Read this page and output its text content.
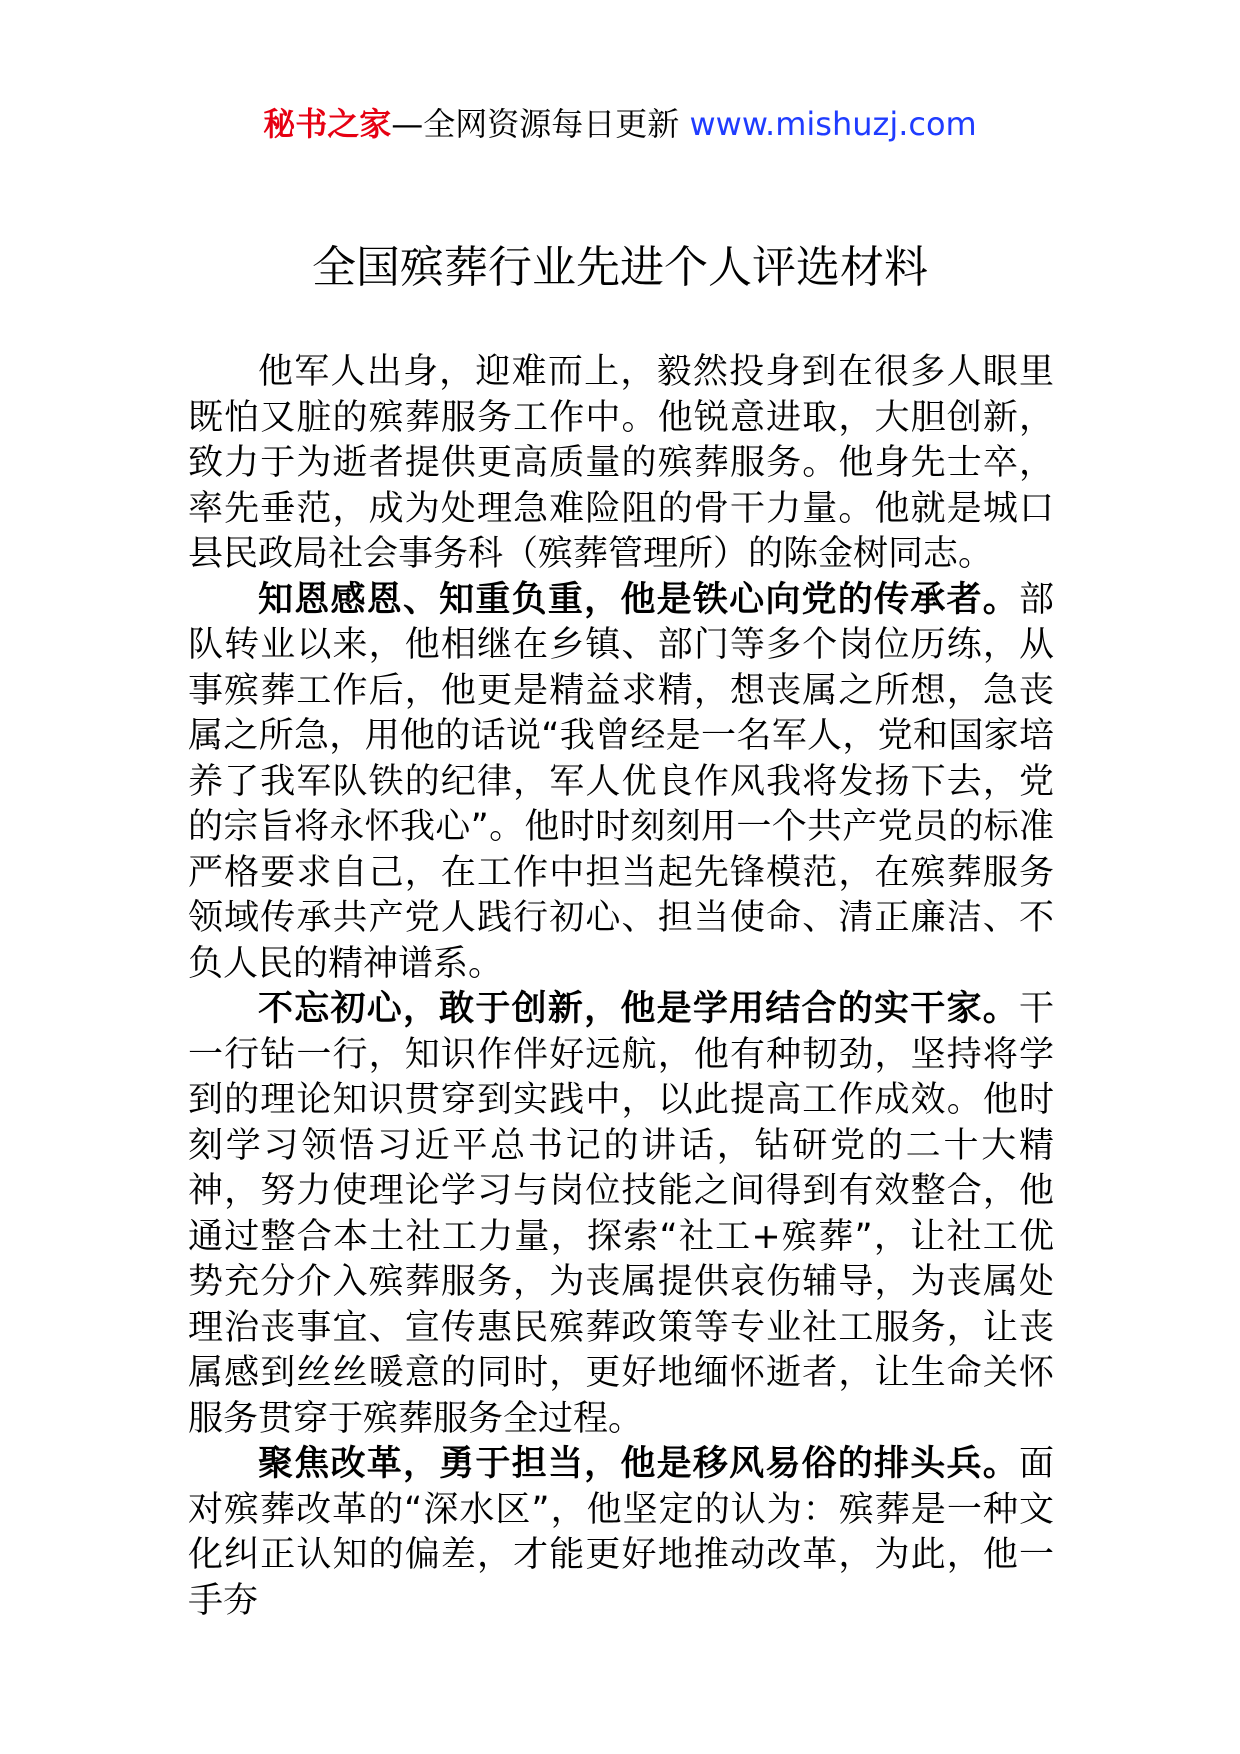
秘书之家—全网资源每日更新 www.mishuzj.com
全国殡葬行业先进个人评选材料

他军人出身，迎难而上，毅然投身到在很多人眼里既怕又脏的殡葬服务工作中。他锐意进取，大胆创新，致力于为逝者提供更高质量的殡葬服务。他身先士卒，率先垂范，成为处理急难险阻的骨干力量。他就是城口县民政局社会事务科（殡葬管理所）的陈金树同志。

知恩感恩、知重负重，他是铁心向党的传承者。部队转业以来，他相继在乡镇、部门等多个岗位历练，从事殡葬工作后，他更是精益求精，想丧属之所想，急丧属之所急，用他的话说“我曾经是一名军人，党和国家培养了我军队铁的纪律，军人优良作风我将发扬下去，党的宗旨将永怀我心”。他时时刻刻用一个共产党员的标准严格要求自己，在工作中担当起先锋模范，在殡葬服务领域传承共产党人践行初心、担当使命、清正廉洁、不负人民的精神谱系。

不忘初心，敢于创新，他是学用结合的实干家。干一行钻一行，知识作伴好远航，他有种韧劲，坚持将学到的理论知识贯穿到实践中，以此提高工作成效。他时刻学习领悟习近平总书记的讲话，钻研党的二十大精神，努力使理论学习与岗位技能之间得到有效整合，他通过整合本土社工力量，探索“社工+殡葬”，让社工优势充分介入殡葬服务，为丧属提供哀伤辅导，为丧属处理治丧事宜、宣传惠民殡葬政策等专业社工服务，让丧属感到丝丝暖意的同时，更好地缅怀逝者，让生命关怀服务贯穿于殡葬服务全过程。

聚焦改革，勇于担当，他是移风易俗的排头兵。面对殡葬改革的“深水区”，他坚定的认为：殡葬是一种文化纠正认知的偏差，才能更好地推动改革，为此，他一手夯
